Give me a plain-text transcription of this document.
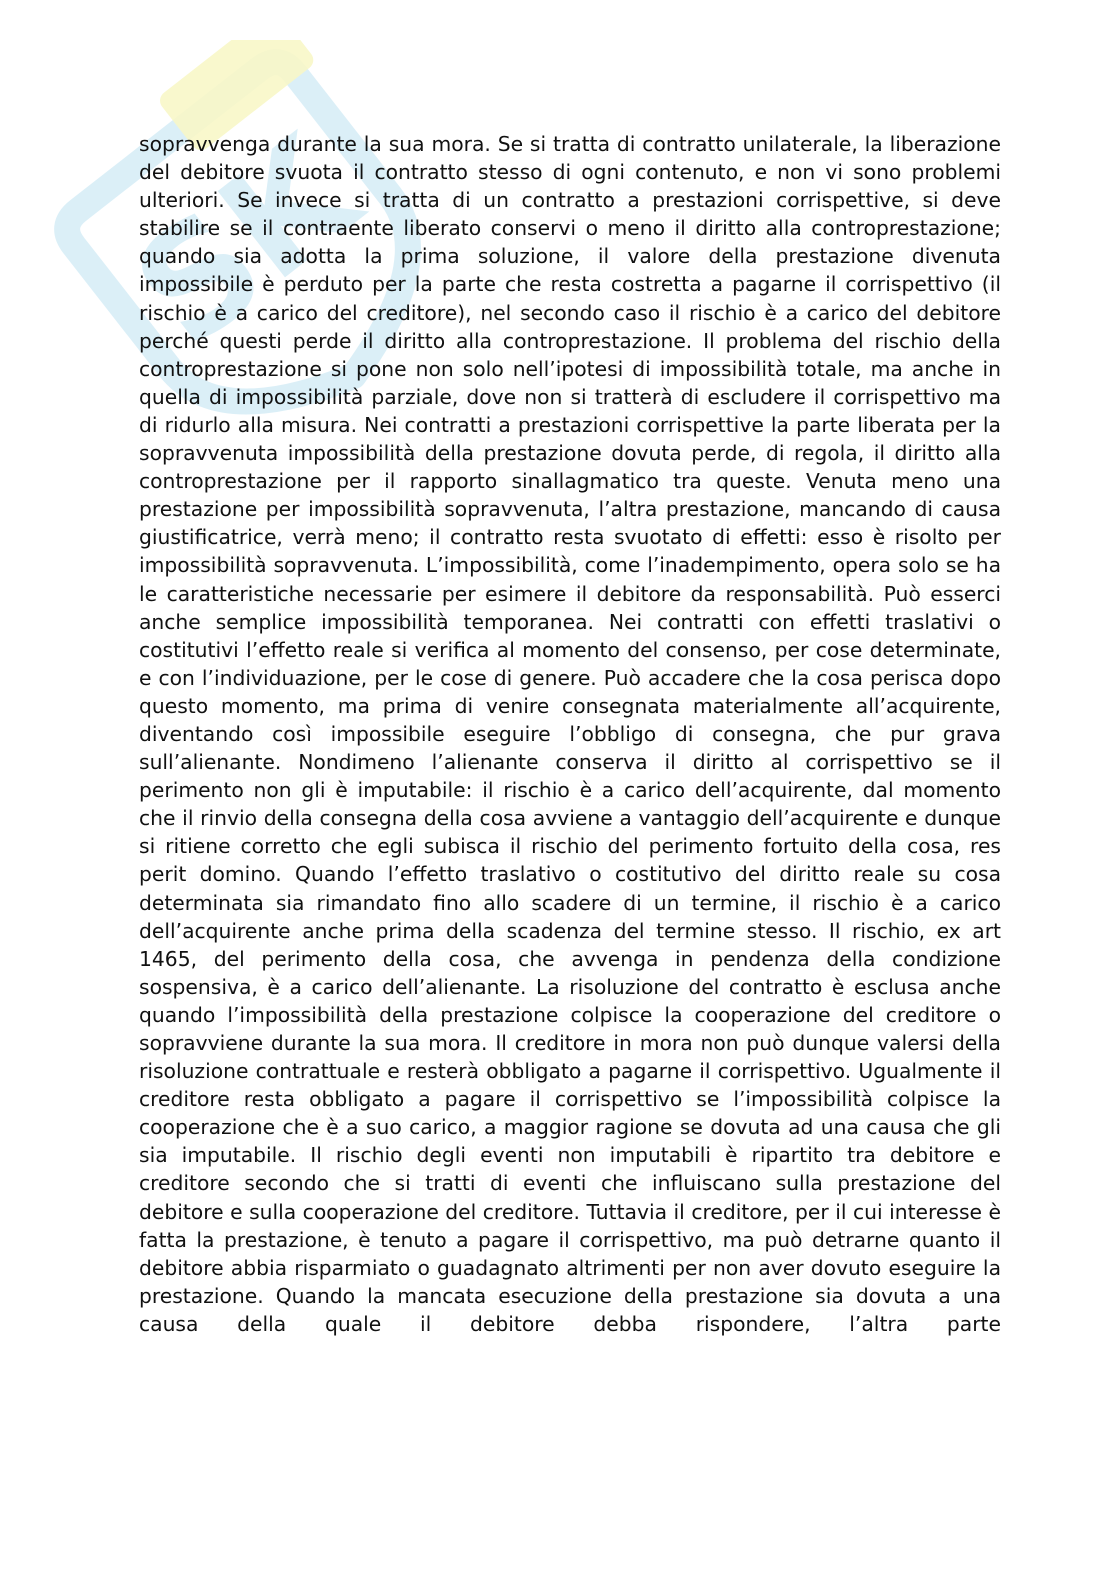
SK

sopravvenga durante la sua mora. Se si tratta di contratto unilaterale, la liberazione del debitore svuota il contratto stesso di ogni contenuto, e non vi sono problemi ulteriori. Se invece si tratta di un contratto a prestazioni corrispettive, si deve stabilire se il contraente liberato conservi o meno il diritto alla controprestazione; quando sia adotta la prima soluzione, il valore della prestazione divenuta impossibile è perduto per la parte che resta costretta a pagarne il corrispettivo (il rischio è a carico del creditore), nel secondo caso il rischio è a carico del debitore perché questi perde il diritto alla controprestazione. Il problema del rischio della controprestazione si pone non solo nell’ipotesi di impossibilità totale, ma anche in quella di impossibilità parziale, dove non si tratterà di escludere il corrispettivo ma di ridurlo alla misura. Nei contratti a prestazioni corrispettive la parte liberata per la sopravvenuta impossibilità della prestazione dovuta perde, di regola, il diritto alla controprestazione per il rapporto sinallagmatico tra queste. Venuta meno una prestazione per impossibilità sopravvenuta, l’altra prestazione, mancando di causa giustificatrice, verrà meno; il contratto resta svuotato di effetti: esso è risolto per impossibilità sopravvenuta. L’impossibilità, come l’inadempimento, opera solo se ha le caratteristiche necessarie per esimere il debitore da responsabilità. Può esserci anche semplice impossibilità temporanea. Nei contratti con effetti traslativi o costitutivi l’effetto reale si verifica al momento del consenso, per cose determinate, e con l’individuazione, per le cose di genere. Può accadere che la cosa perisca dopo questo momento, ma prima di venire consegnata materialmente all’acquirente, diventando così impossibile eseguire l’obbligo di consegna, che pur grava sull’alienante. Nondimeno l’alienante conserva il diritto al corrispettivo se il perimento non gli è imputabile: il rischio è a carico dell’acquirente, dal momento che il rinvio della consegna della cosa avviene a vantaggio dell’acquirente e dunque si ritiene corretto che egli subisca il rischio del perimento fortuito della cosa, res perit domino. Quando l’effetto traslativo o costitutivo del diritto reale su cosa determinata sia rimandato fino allo scadere di un termine, il rischio è a carico dell’acquirente anche prima della scadenza del termine stesso. Il rischio, ex art 1465, del perimento della cosa, che avvenga in pendenza della condizione sospensiva, è a carico dell’alienante. La risoluzione del contratto è esclusa anche quando l’impossibilità della prestazione colpisce la cooperazione del creditore o sopravviene durante la sua mora. Il creditore in mora non può dunque valersi della risoluzione contrattuale e resterà obbligato a pagarne il corrispettivo. Ugualmente il creditore resta obbligato a pagare il corrispettivo se l’impossibilità colpisce la cooperazione che è a suo carico, a maggior ragione se dovuta ad una causa che gli sia imputabile. Il rischio degli eventi non imputabili è ripartito tra debitore e creditore secondo che si tratti di eventi che influiscano sulla prestazione del debitore e sulla cooperazione del creditore. Tuttavia il creditore, per il cui interesse è fatta la prestazione, è tenuto a pagare il corrispettivo, ma può detrarne quanto il debitore abbia risparmiato o guadagnato altrimenti per non aver dovuto eseguire la prestazione. Quando la mancata esecuzione della prestazione sia dovuta a una causa della quale il debitore debba rispondere, l’altra parte
